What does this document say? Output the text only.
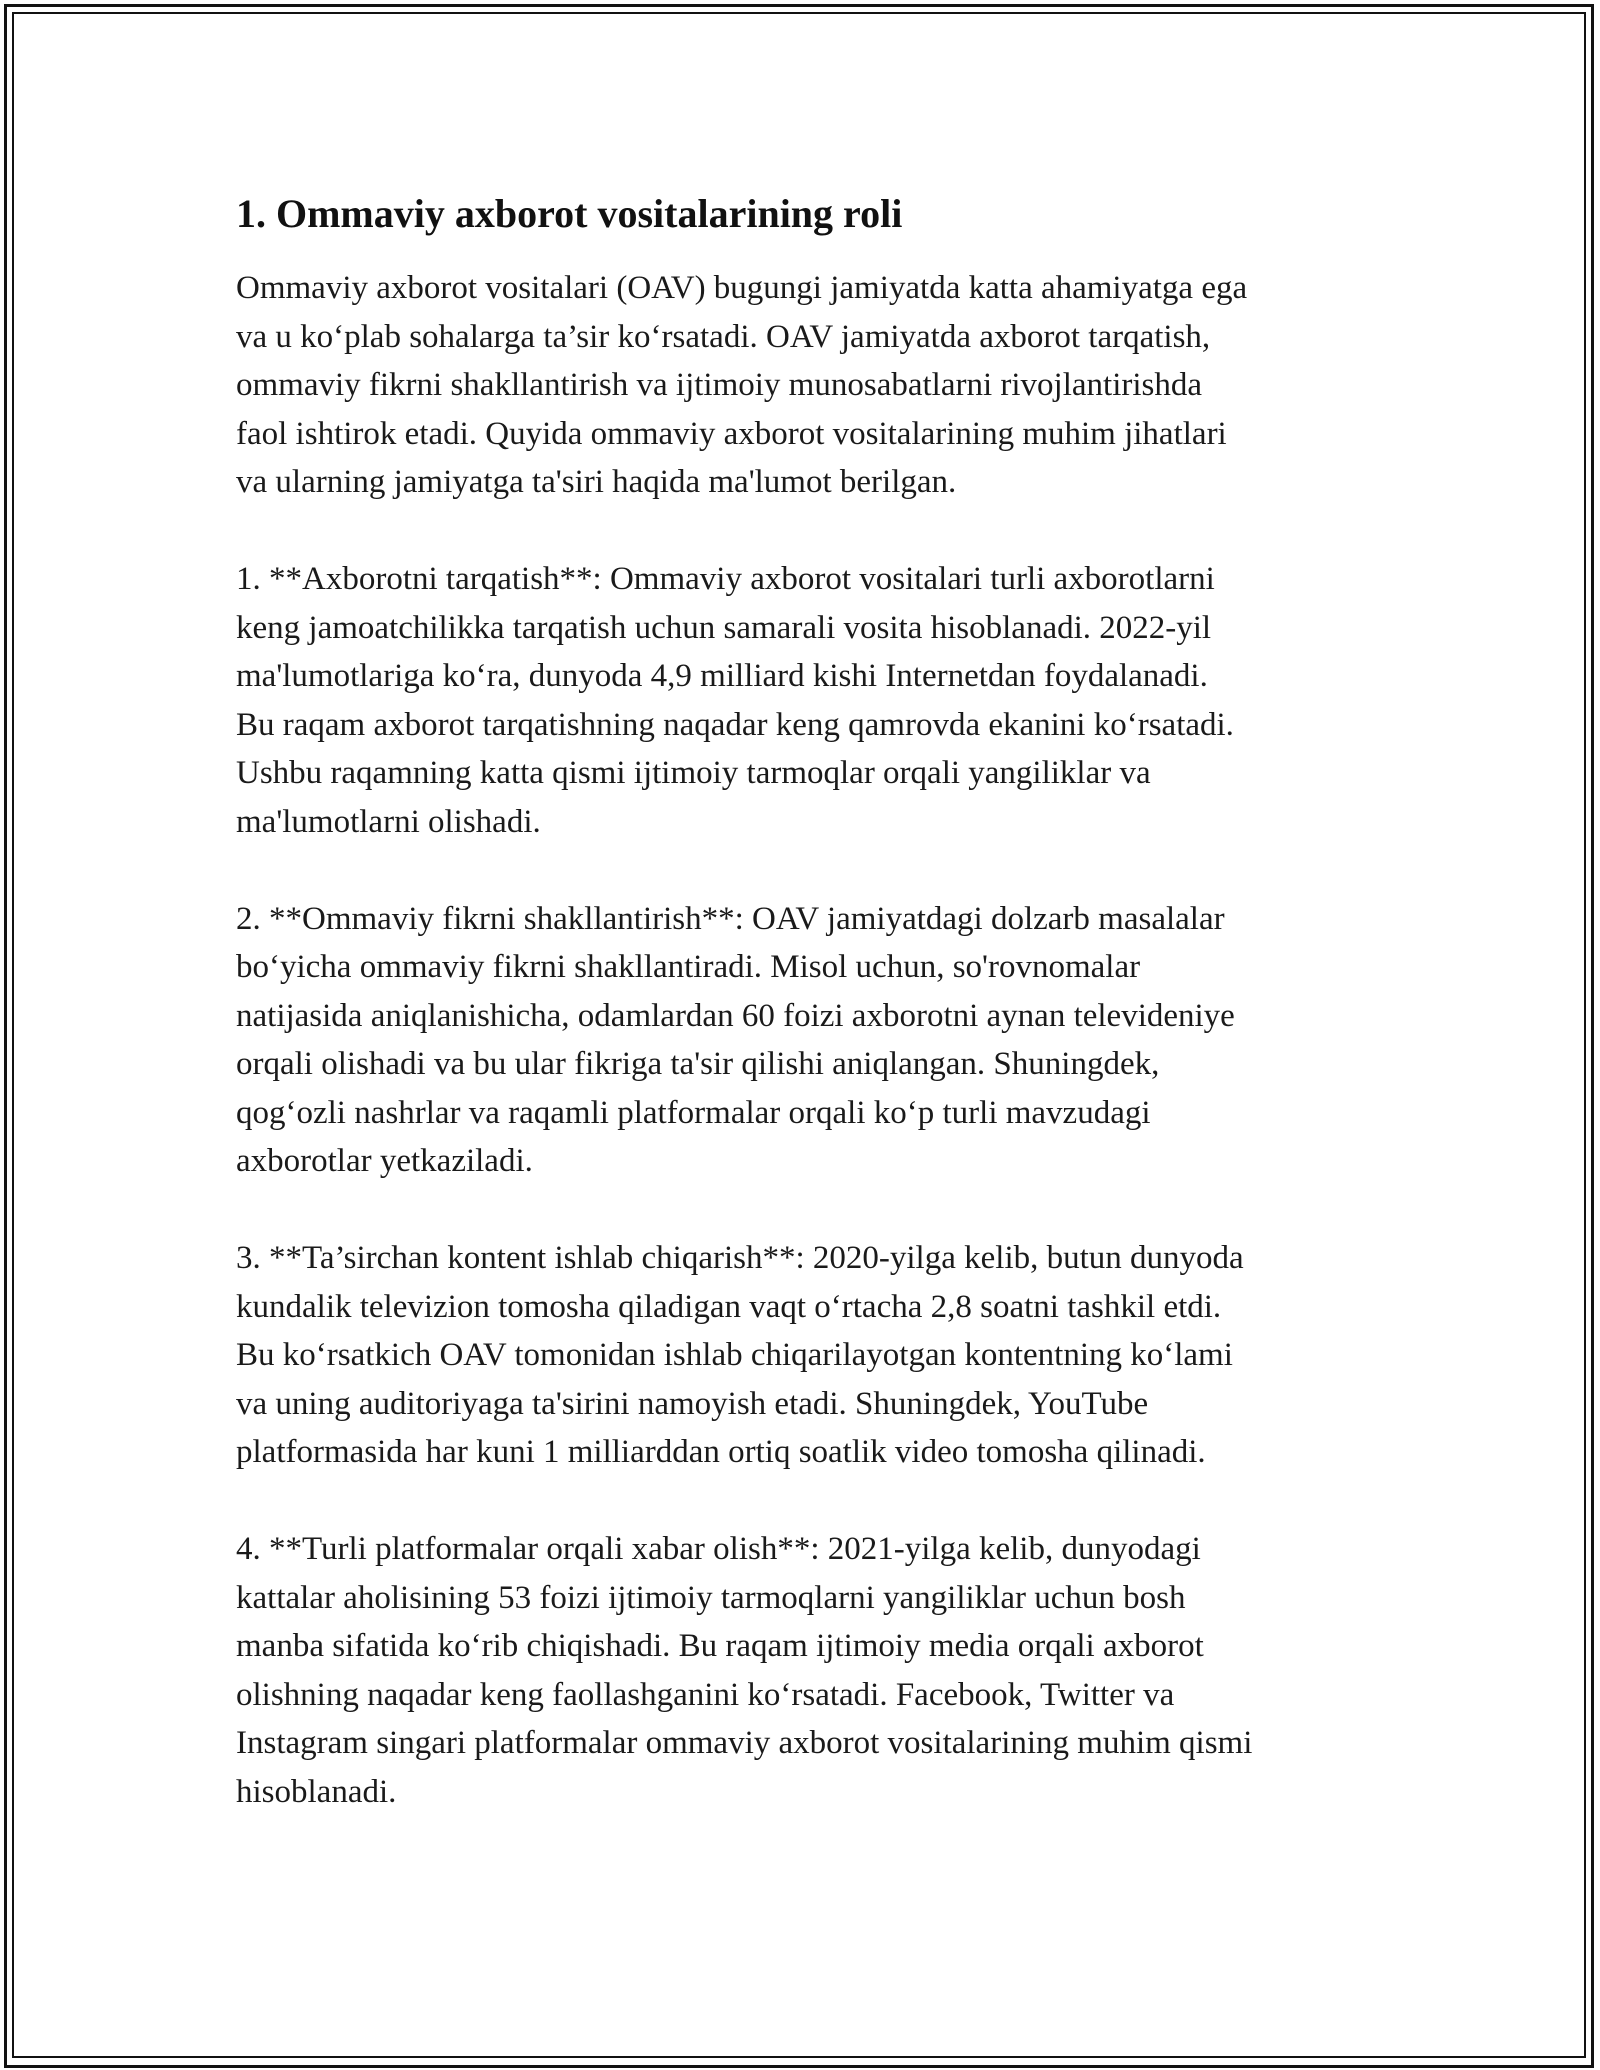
1. Ommaviy axborot vositalarining roli
Ommaviy axborot vositalari (OAV) bugungi jamiyatda katta ahamiyatga ega
va u ko‘plab sohalarga ta’sir ko‘rsatadi. OAV jamiyatda axborot tarqatish,
ommaviy fikrni shakllantirish va ijtimoiy munosabatlarni rivojlantirishda
faol ishtirok etadi. Quyida ommaviy axborot vositalarining muhim jihatlari
va ularning jamiyatga ta'siri haqida ma'lumot berilgan.
1. **Axborotni tarqatish**: Ommaviy axborot vositalari turli axborotlarni
keng jamoatchilikka tarqatish uchun samarali vosita hisoblanadi. 2022-yil
ma'lumotlariga ko‘ra, dunyoda 4,9 milliard kishi Internetdan foydalanadi.
Bu raqam axborot tarqatishning naqadar keng qamrovda ekanini ko‘rsatadi.
Ushbu raqamning katta qismi ijtimoiy tarmoqlar orqali yangiliklar va
ma'lumotlarni olishadi.
2. **Ommaviy fikrni shakllantirish**: OAV jamiyatdagi dolzarb masalalar
bo‘yicha ommaviy fikrni shakllantiradi. Misol uchun, so'rovnomalar
natijasida aniqlanishicha, odamlardan 60 foizi axborotni aynan televideniye
orqali olishadi va bu ular fikriga ta'sir qilishi aniqlangan. Shuningdek,
qog‘ozli nashrlar va raqamli platformalar orqali ko‘p turli mavzudagi
axborotlar yetkaziladi.
3. **Ta’sirchan kontent ishlab chiqarish**: 2020-yilga kelib, butun dunyoda
kundalik televizion tomosha qiladigan vaqt o‘rtacha 2,8 soatni tashkil etdi.
Bu ko‘rsatkich OAV tomonidan ishlab chiqarilayotgan kontentning ko‘lami
va uning auditoriyaga ta'sirini namoyish etadi. Shuningdek, YouTube
platformasida har kuni 1 milliarddan ortiq soatlik video tomosha qilinadi.
4. **Turli platformalar orqali xabar olish**: 2021-yilga kelib, dunyodagi
kattalar aholisining 53 foizi ijtimoiy tarmoqlarni yangiliklar uchun bosh
manba sifatida ko‘rib chiqishadi. Bu raqam ijtimoiy media orqali axborot
olishning naqadar keng faollashganini ko‘rsatadi. Facebook, Twitter va
Instagram singari platformalar ommaviy axborot vositalarining muhim qismi
hisoblanadi.
